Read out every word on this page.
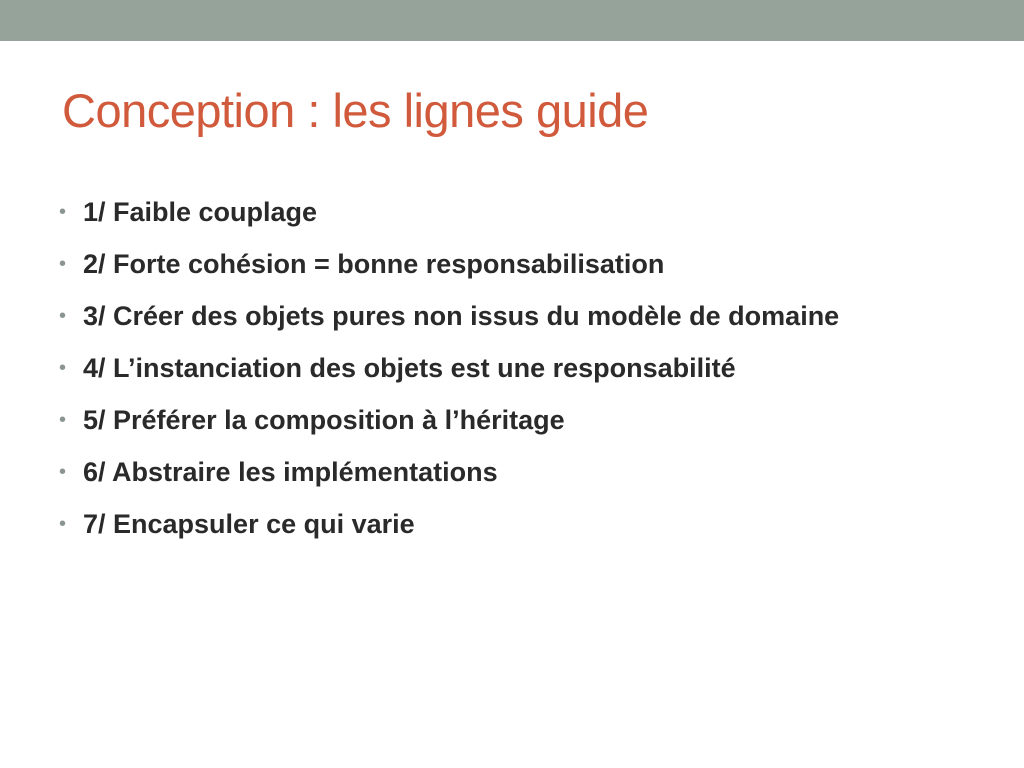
Conception : les lignes guide
• 1/ Faible couplage
• 2/ Forte cohésion = bonne responsabilisation
• 3/ Créer des objets pures non issus du modèle de domaine
• 4/ L’instanciation des objets est une responsabilité
• 5/ Préférer la composition à l’héritage
• 6/ Abstraire les implémentations
• 7/ Encapsuler ce qui varie
